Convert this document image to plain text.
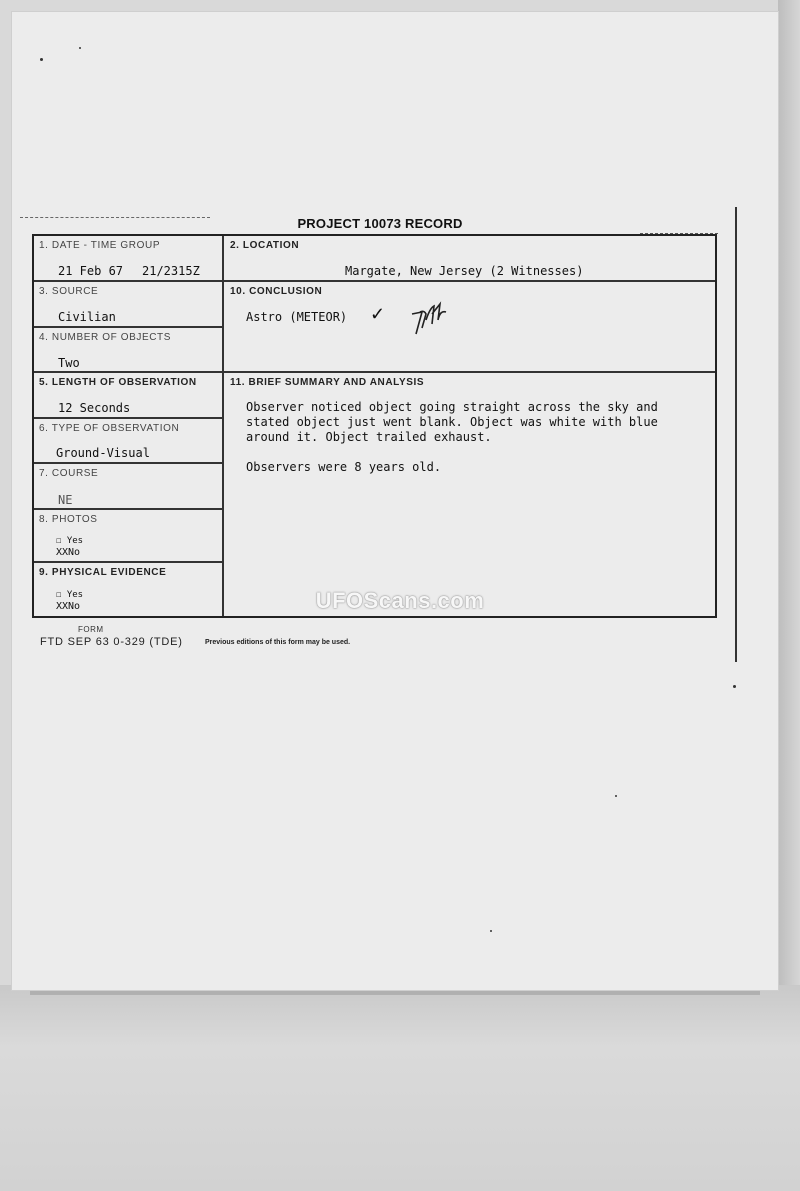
PROJECT 10073 RECORD
1. DATE - TIME GROUP
21 Feb 67 21/2315Z
2. LOCATION
Margate, New Jersey (2 Witnesses)
3. SOURCE
Civilian
10. CONCLUSION
Astro (METEOR) ✓
4. NUMBER OF OBJECTS
Two
5. LENGTH OF OBSERVATION
12 Seconds
11. BRIEF SUMMARY AND ANALYSIS

Observer noticed object going straight across the sky and

stated object just went blank. Object was white with blue

around it. Object trailed exhaust.

Observers were 8 years old.

6. TYPE OF OBSERVATION
Ground-Visual
7. COURSE
NE
8. PHOTOS
☐ Yes
XXNo
9. PHYSICAL EVIDENCE
☐ Yes
XXNo	UFOScans.com
FORM
FTD SEP 63 0-329 (TDE)	Previous editions of this form may be used.
